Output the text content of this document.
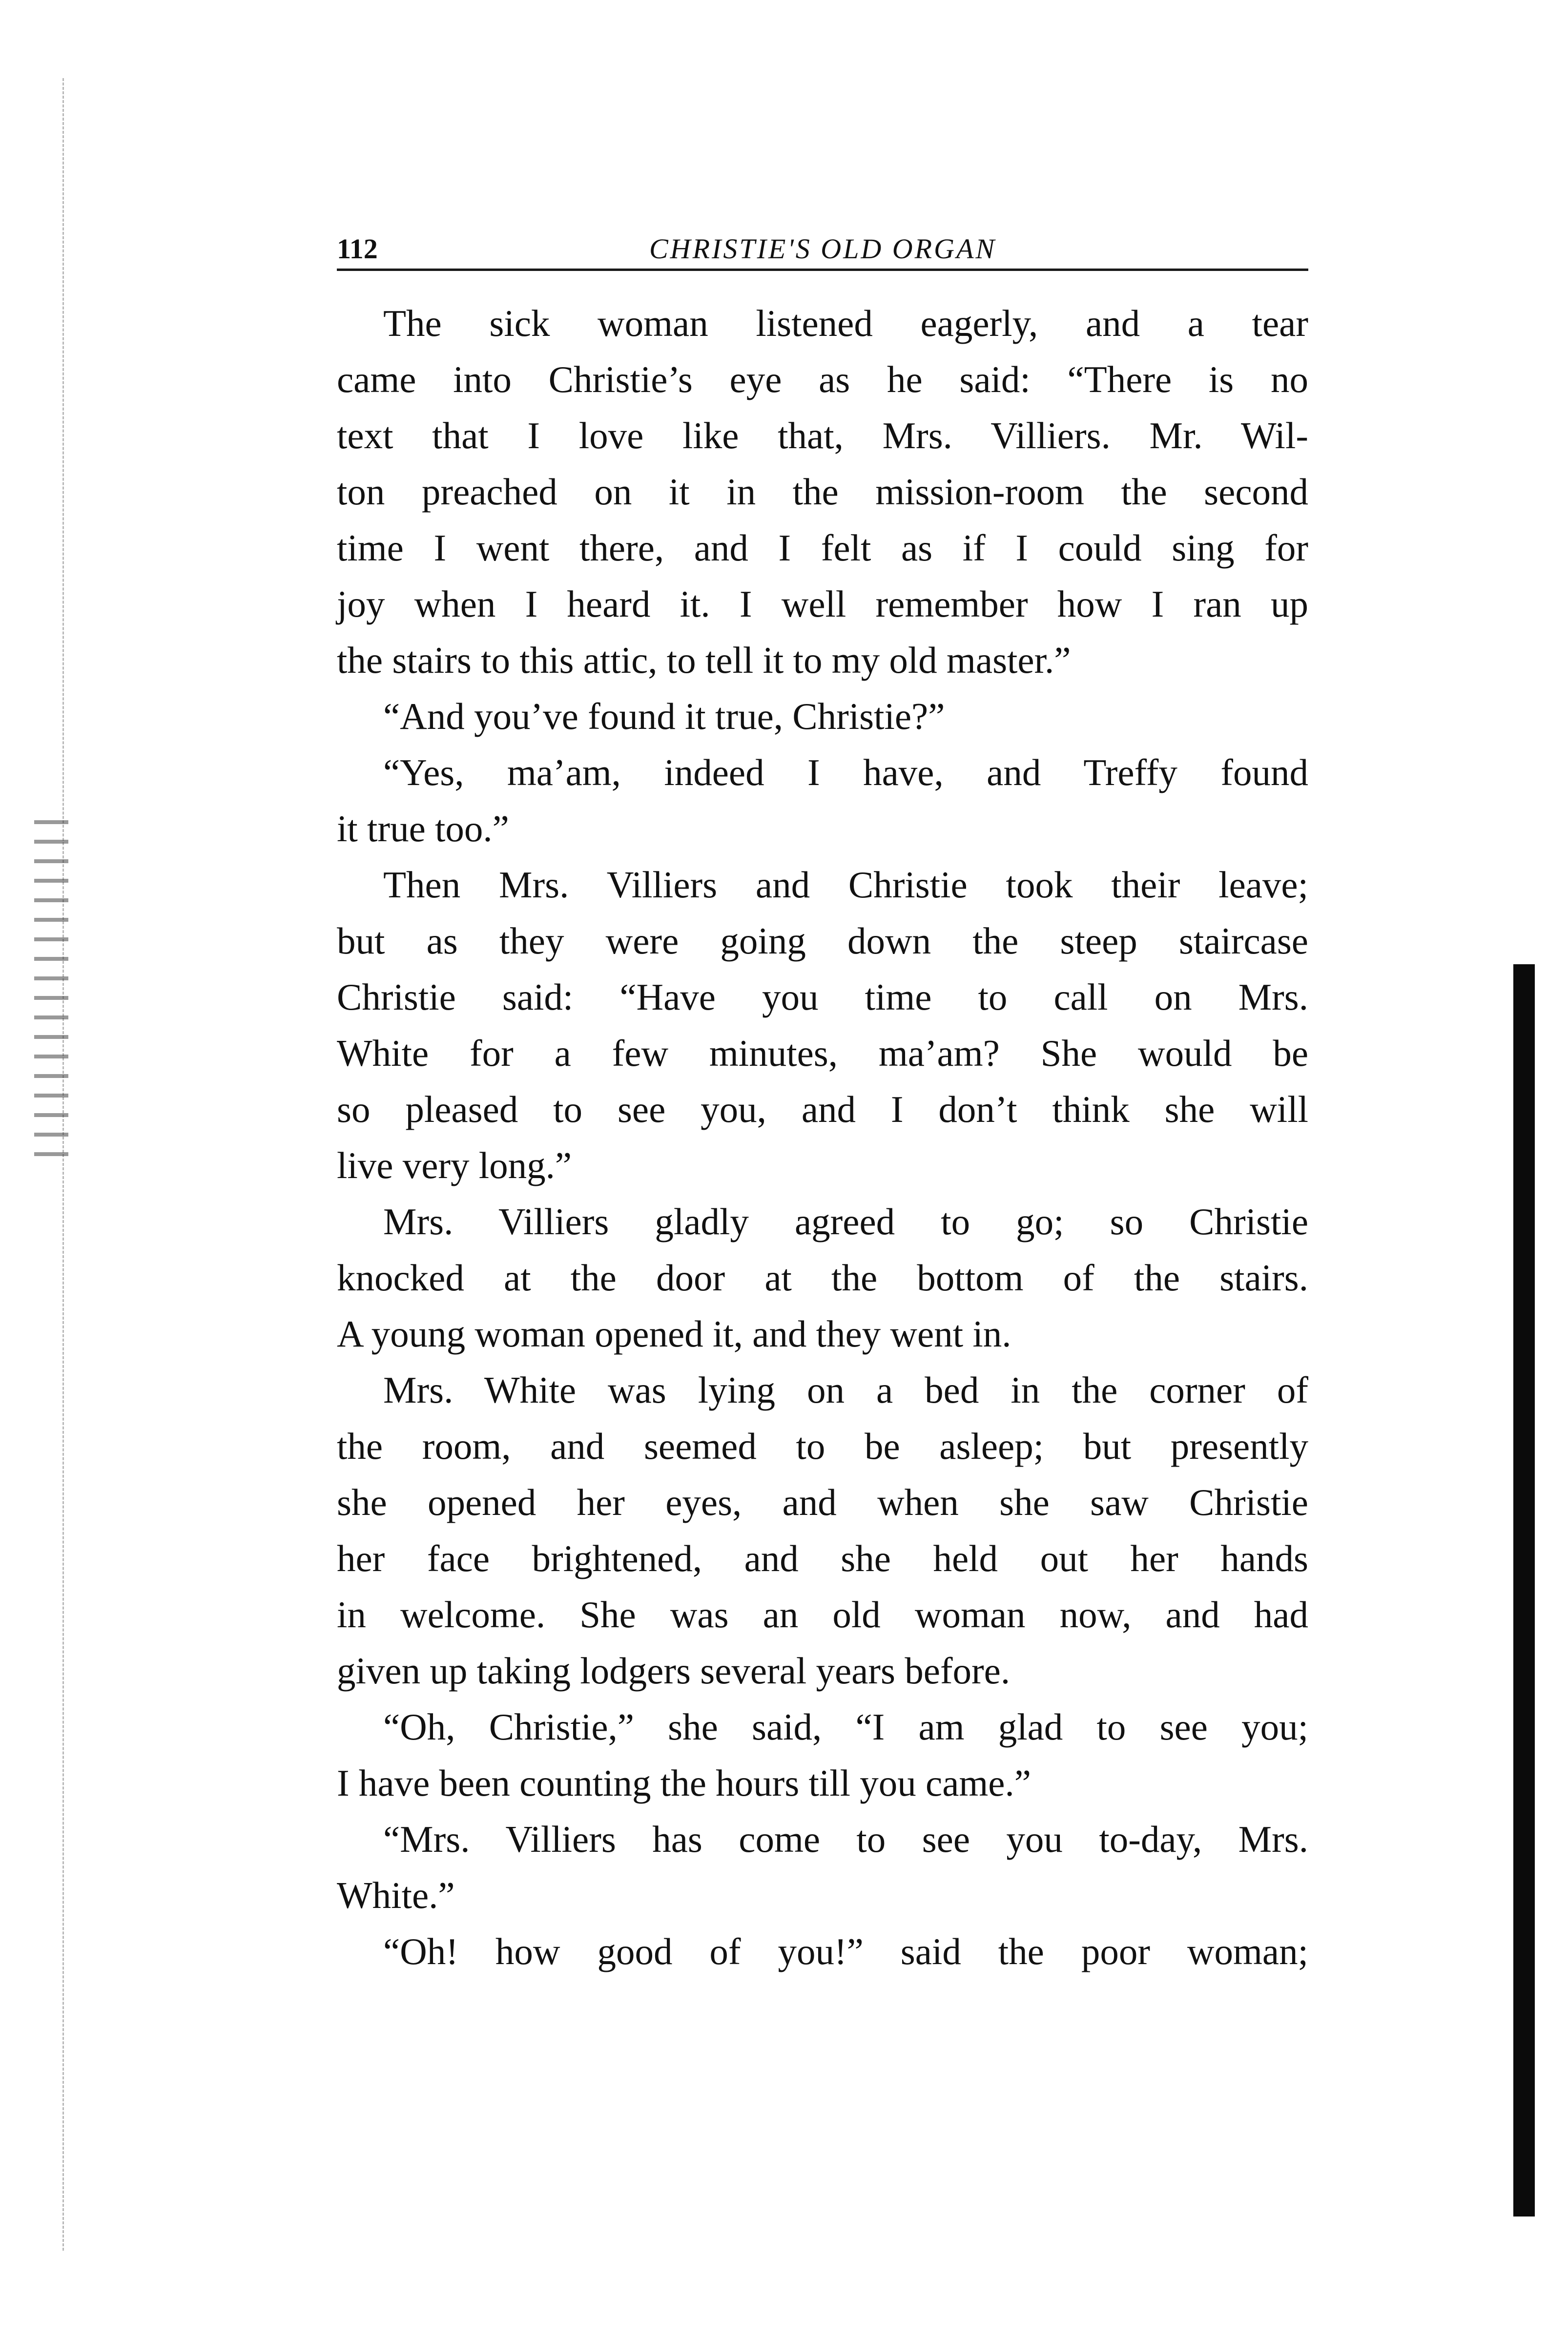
112	CHRISTIE'S OLD ORGAN
The sick woman listened eagerly, and a tear
came into Christie’s eye as he said: “There is no
text that I love like that, Mrs. Villiers. Mr. Wil-
ton preached on it in the mission-room the second
time I went there, and I felt as if I could sing for
joy when I heard it. I well remember how I ran up
the stairs to this attic, to tell it to my old master.”
“And you’ve found it true, Christie?”
“Yes, ma’am, indeed I have, and Treffy found
it true too.”
Then Mrs. Villiers and Christie took their leave;
but as they were going down the steep staircase
Christie said: “Have you time to call on Mrs.
White for a few minutes, ma’am? She would be
so pleased to see you, and I don’t think she will
live very long.”
Mrs. Villiers gladly agreed to go; so Christie
knocked at the door at the bottom of the stairs.
A young woman opened it, and they went in.
Mrs. White was lying on a bed in the corner of
the room, and seemed to be asleep; but presently
she opened her eyes, and when she saw Christie
her face brightened, and she held out her hands
in welcome. She was an old woman now, and had
given up taking lodgers several years before.
“Oh, Christie,” she said, “I am glad to see you;
I have been counting the hours till you came.”
“Mrs. Villiers has come to see you to-day, Mrs.
White.”
“Oh! how good of you!” said the poor woman;
